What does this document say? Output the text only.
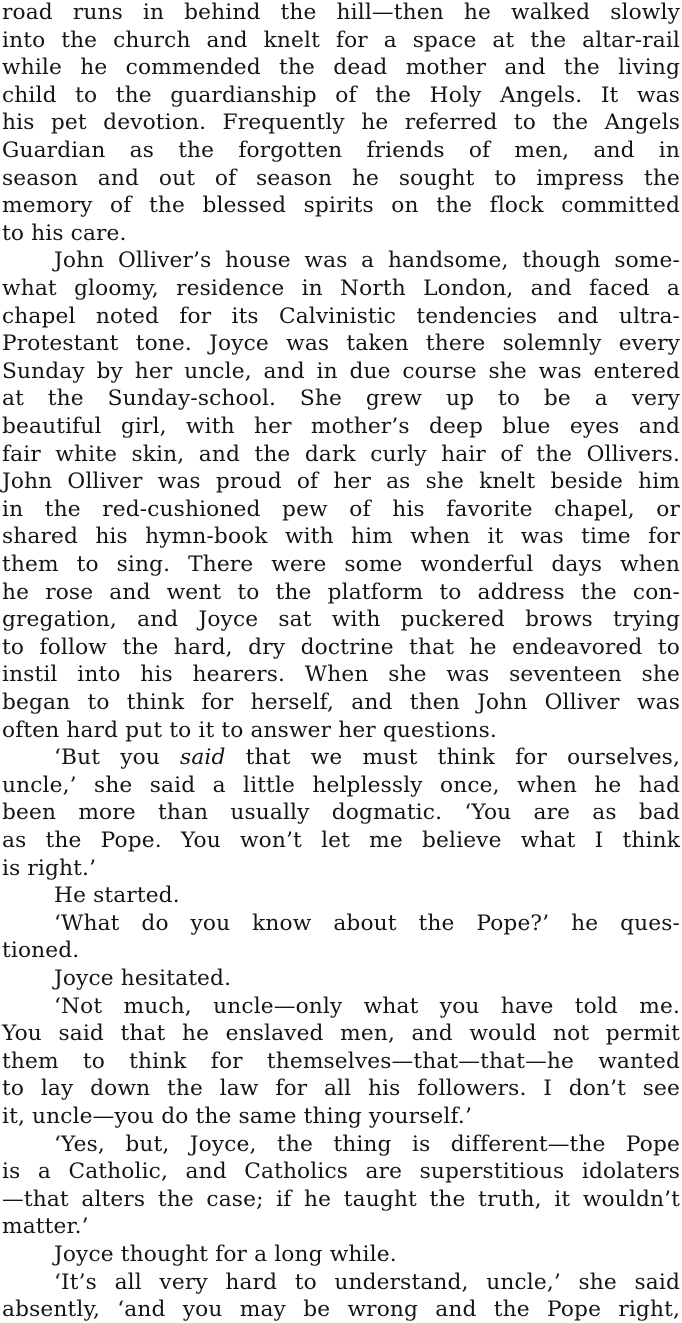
road runs in behind the hill—then he walked slowly
into the church and knelt for a space at the altar-rail
while he commended the dead mother and the living
child to the guardianship of the Holy Angels. It was
his pet devotion. Frequently he referred to the Angels
Guardian as the forgotten friends of men, and in
season and out of season he sought to impress the
memory of the blessed spirits on the flock committed
to his care.
John Olliver’s house was a handsome, though some-
what gloomy, residence in North London, and faced a
chapel noted for its Calvinistic tendencies and ultra-
Protestant tone. Joyce was taken there solemnly every
Sunday by her uncle, and in due course she was entered
at the Sunday-school. She grew up to be a very
beautiful girl, with her mother’s deep blue eyes and
fair white skin, and the dark curly hair of the Ollivers.
John Olliver was proud of her as she knelt beside him
in the red-cushioned pew of his favorite chapel, or
shared his hymn-book with him when it was time for
them to sing. There were some wonderful days when
he rose and went to the platform to address the con-
gregation, and Joyce sat with puckered brows trying
to follow the hard, dry doctrine that he endeavored to
instil into his hearers. When she was seventeen she
began to think for herself, and then John Olliver was
often hard put to it to answer her questions.
‘But you said that we must think for ourselves,
uncle,’ she said a little helplessly once, when he had
been more than usually dogmatic. ‘You are as bad
as the Pope. You won’t let me believe what I think
is right.’
He started.
‘What do you know about the Pope?’ he ques-
tioned.
Joyce hesitated.
‘Not much, uncle—only what you have told me.
You said that he enslaved men, and would not permit
them to think for themselves—that—that—he wanted
to lay down the law for all his followers. I don’t see
it, uncle—you do the same thing yourself.’
‘Yes, but, Joyce, the thing is different—the Pope
is a Catholic, and Catholics are superstitious idolaters
—that alters the case; if he taught the truth, it wouldn’t
matter.’
Joyce thought for a long while.
‘It’s all very hard to understand, uncle,’ she said
absently, ‘and you may be wrong and the Pope right,
